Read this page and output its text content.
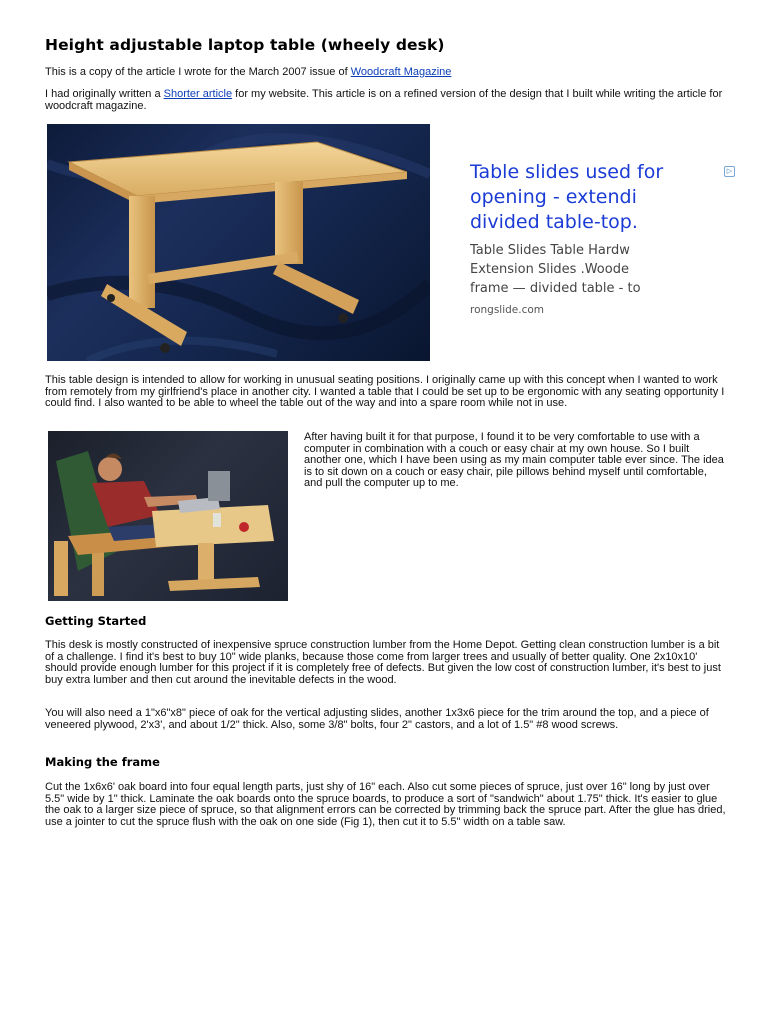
Height adjustable laptop table (wheely desk)

This is a copy of the article I wrote for the March 2007 issue of Woodcraft Magazine

I had originally written a Shorter article for my website. This article is on a refined version of the design that I built while writing the article for woodcraft magazine.

Table slides used for
opening - extendi
divided table-top.
Table Slides Table Hardw
Extension Slides .Woode
frame — divided table - to
rongslide.com
▷

This table design is intended to allow for working in unusual seating positions. I originally came up with this concept when I wanted to work from remotely from my girlfriend's place in another city. I wanted a table that I could be set up to be ergonomic with any seating opportunity I could find. I also wanted to be able to wheel the table out of the way and into a spare room while not in use.

After having built it for that purpose, I found it to be very comfortable to use with a computer in combination with a couch or easy chair at my own house. So I built another one, which I have been using as my main computer table ever since. The idea is to sit down on a couch or easy chair, pile pillows behind myself until comfortable, and pull the computer up to me.

Getting Started

This desk is mostly constructed of inexpensive spruce construction lumber from the Home Depot. Getting clean construction lumber is a bit of a challenge. I find it's best to buy 10" wide planks, because those come from larger trees and usually of better quality. One 2x10x10' should provide enough lumber for this project if it is completely free of defects. But given the low cost of construction lumber, it's best to just buy extra lumber and then cut around the inevitable defects in the wood.

You will also need a 1"x6"x8" piece of oak for the vertical adjusting slides, another 1x3x6 piece for the trim around the top, and a piece of veneered plywood, 2'x3', and about 1/2" thick. Also, some 3/8" bolts, four 2" castors, and a lot of 1.5" #8 wood screws.

Making the frame

Cut the 1x6x6' oak board into four equal length parts, just shy of 16" each. Also cut some pieces of spruce, just over 16" long by just over 5.5" wide by 1" thick. Laminate the oak boards onto the spruce boards, to produce a sort of "sandwich" about 1.75" thick. It's easier to glue the oak to a larger size piece of spruce, so that alignment errors can be corrected by trimming back the spruce part. After the glue has dried, use a jointer to cut the spruce flush with the oak on one side (Fig 1), then cut it to 5.5" width on a table saw.
